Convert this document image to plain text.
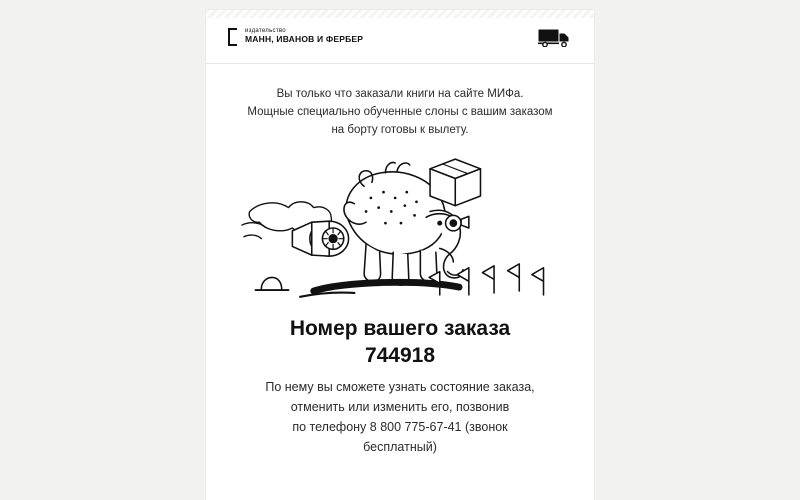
издательство
МАНН, ИВАНОВ И ФЕРБЕР
Вы только что заказали книги на сайте МИФа.
Мощные специально обученные слоны с вашим заказом
на борту готовы к вылету.
Номер вашего заказа
744918
По нему вы сможете узнать состояние заказа,
отменить или изменить его, позвонив
по телефону 8 800 775-67-41 (звонок
бесплатный)
